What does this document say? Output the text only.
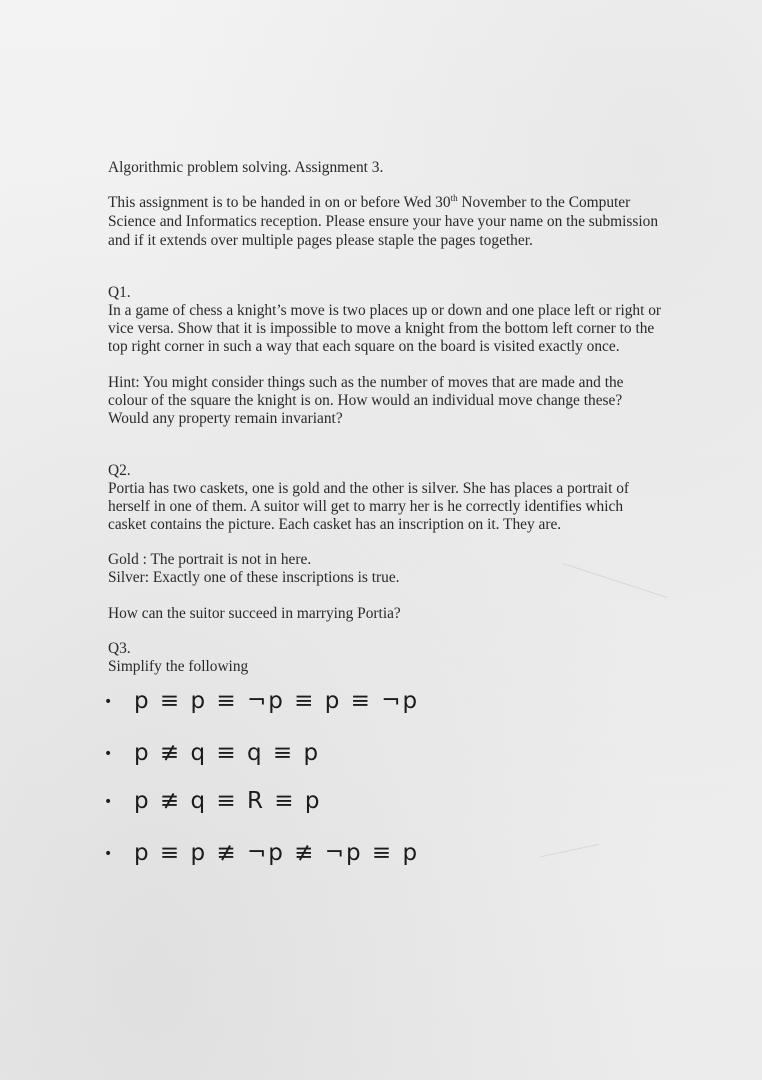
Algorithmic problem solving. Assignment 3.
This assignment is to be handed in on or before Wed 30th November to the Computer
Science and Informatics reception. Please ensure your have your name on the submission
and if it extends over multiple pages please staple the pages together.
Q1.
In a game of chess a knight’s move is two places up or down and one place left or right or
vice versa. Show that it is impossible to move a knight from the bottom left corner to the
top right corner in such a way that each square on the board is visited exactly once.
Hint: You might consider things such as the number of moves that are made and the
colour of the square the knight is on. How would an individual move change these?
Would any property remain invariant?
Q2.
Portia has two caskets, one is gold and the other is silver. She has places a portrait of
herself in one of them. A suitor will get to marry her is he correctly identifies which
casket contains the picture. Each casket has an inscription on it. They are.
Gold : The portrait is not in here.
Silver: Exactly one of these inscriptions is true.
How can the suitor succeed in marrying Portia?
Q3.
Simplify the following
• p ≡ p ≡ ¬p ≡ p ≡ ¬p
• p ≢ q ≡ q ≡ p
• p ≢ q ≡ R ≡ p
• p ≡ p ≢ ¬p ≢ ¬p ≡ p
